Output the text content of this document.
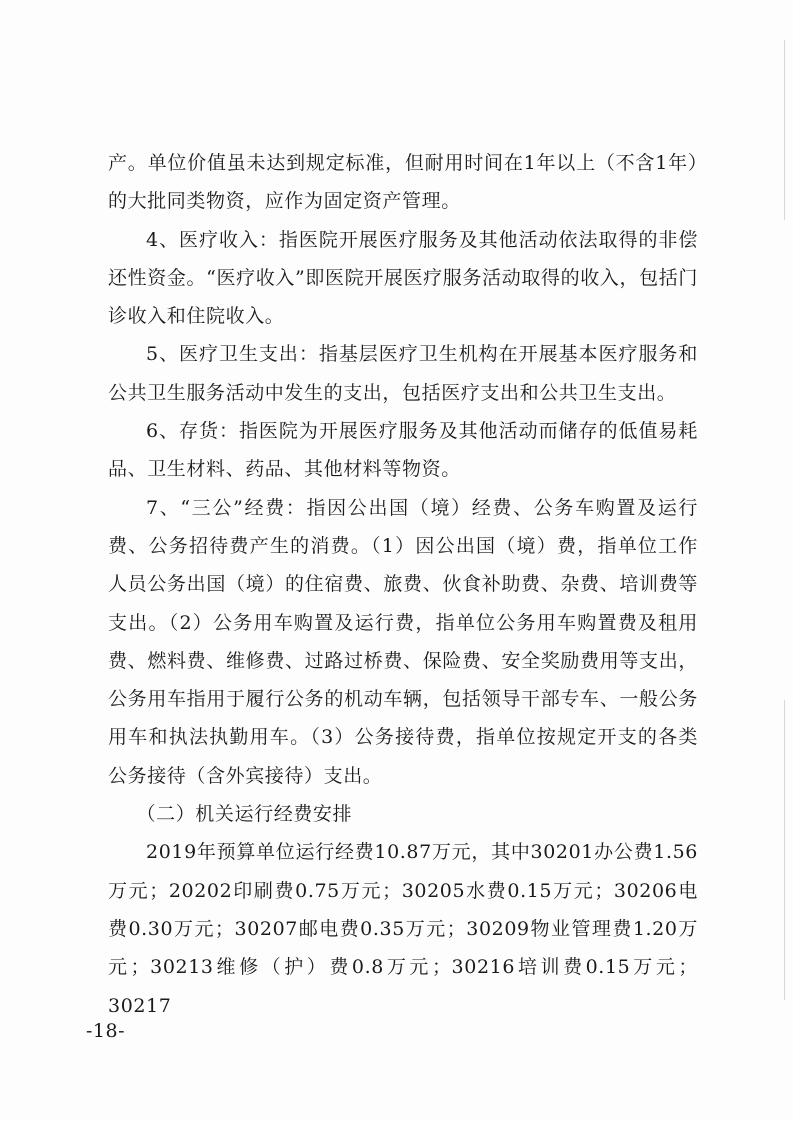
产。单位价值虽未达到规定标准，但耐用时间在1年以上（不含1年）的大批同类物资，应作为固定资产管理。

4、医疗收入：指医院开展医疗服务及其他活动依法取得的非偿还性资金。“医疗收入”即医院开展医疗服务活动取得的收入，包括门诊收入和住院收入。

5、医疗卫生支出：指基层医疗卫生机构在开展基本医疗服务和公共卫生服务活动中发生的支出，包括医疗支出和公共卫生支出。

6、存货：指医院为开展医疗服务及其他活动而储存的低值易耗品、卫生材料、药品、其他材料等物资。

7、“三公”经费：指因公出国（境）经费、公务车购置及运行费、公务招待费产生的消费。（1）因公出国（境）费，指单位工作人员公务出国（境）的住宿费、旅费、伙食补助费、杂费、培训费等支出。（2）公务用车购置及运行费，指单位公务用车购置费及租用费、燃料费、维修费、过路过桥费、保险费、安全奖励费用等支出，公务用车指用于履行公务的机动车辆，包括领导干部专车、一般公务用车和执法执勤用车。（3）公务接待费，指单位按规定开支的各类公务接待（含外宾接待）支出。

（二）机关运行经费安排

2019年预算单位运行经费10.87万元，其中30201办公费1.56万元；20202印刷费0.75万元；30205水费0.15万元；30206电费0.30万元；30207邮电费0.35万元；30209物业管理费1.20万元；30213维修（护）费0.8万元；30216培训费0.15万元；30217

-18-
